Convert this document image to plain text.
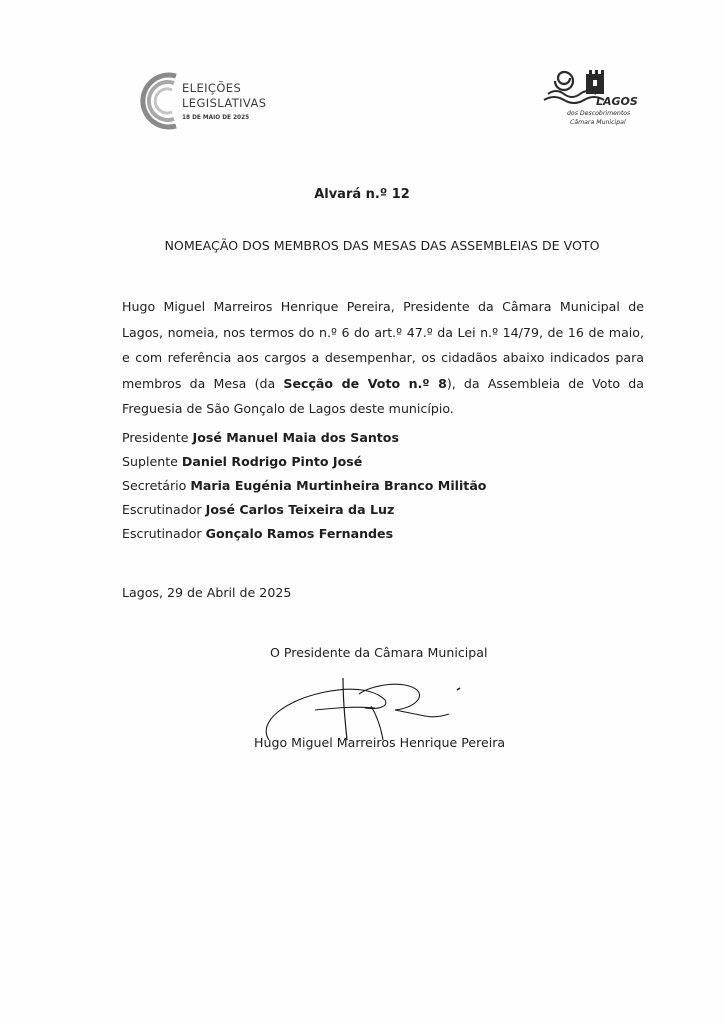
ELEIÇÕES
LEGISLATIVAS
18 DE MAIO DE 2025
LAGOS
dos Descobrimentos
Câmara Municipal
Alvará n.º 12
NOMEAÇÃO DOS MEMBROS DAS MESAS DAS ASSEMBLEIAS DE VOTO
Hugo Miguel Marreiros Henrique Pereira, Presidente da Câmara Municipal de Lagos, nomeia, nos termos do n.º 6 do art.º 47.º da Lei n.º 14/79, de 16 de maio, e com referência aos cargos a desempenhar, os cidadãos abaixo indicados para membros da Mesa (da Secção de Voto n.º 8), da Assembleia de Voto da Freguesia de São Gonçalo de Lagos deste município.
Presidente José Manuel Maia dos Santos
Suplente Daniel Rodrigo Pinto José
Secretário Maria Eugénia Murtinheira Branco Militão
Escrutinador José Carlos Teixeira da Luz
Escrutinador Gonçalo Ramos Fernandes
Lagos, 29 de Abril de 2025
O Presidente da Câmara Municipal
Hugo Miguel Marreiros Henrique Pereira
